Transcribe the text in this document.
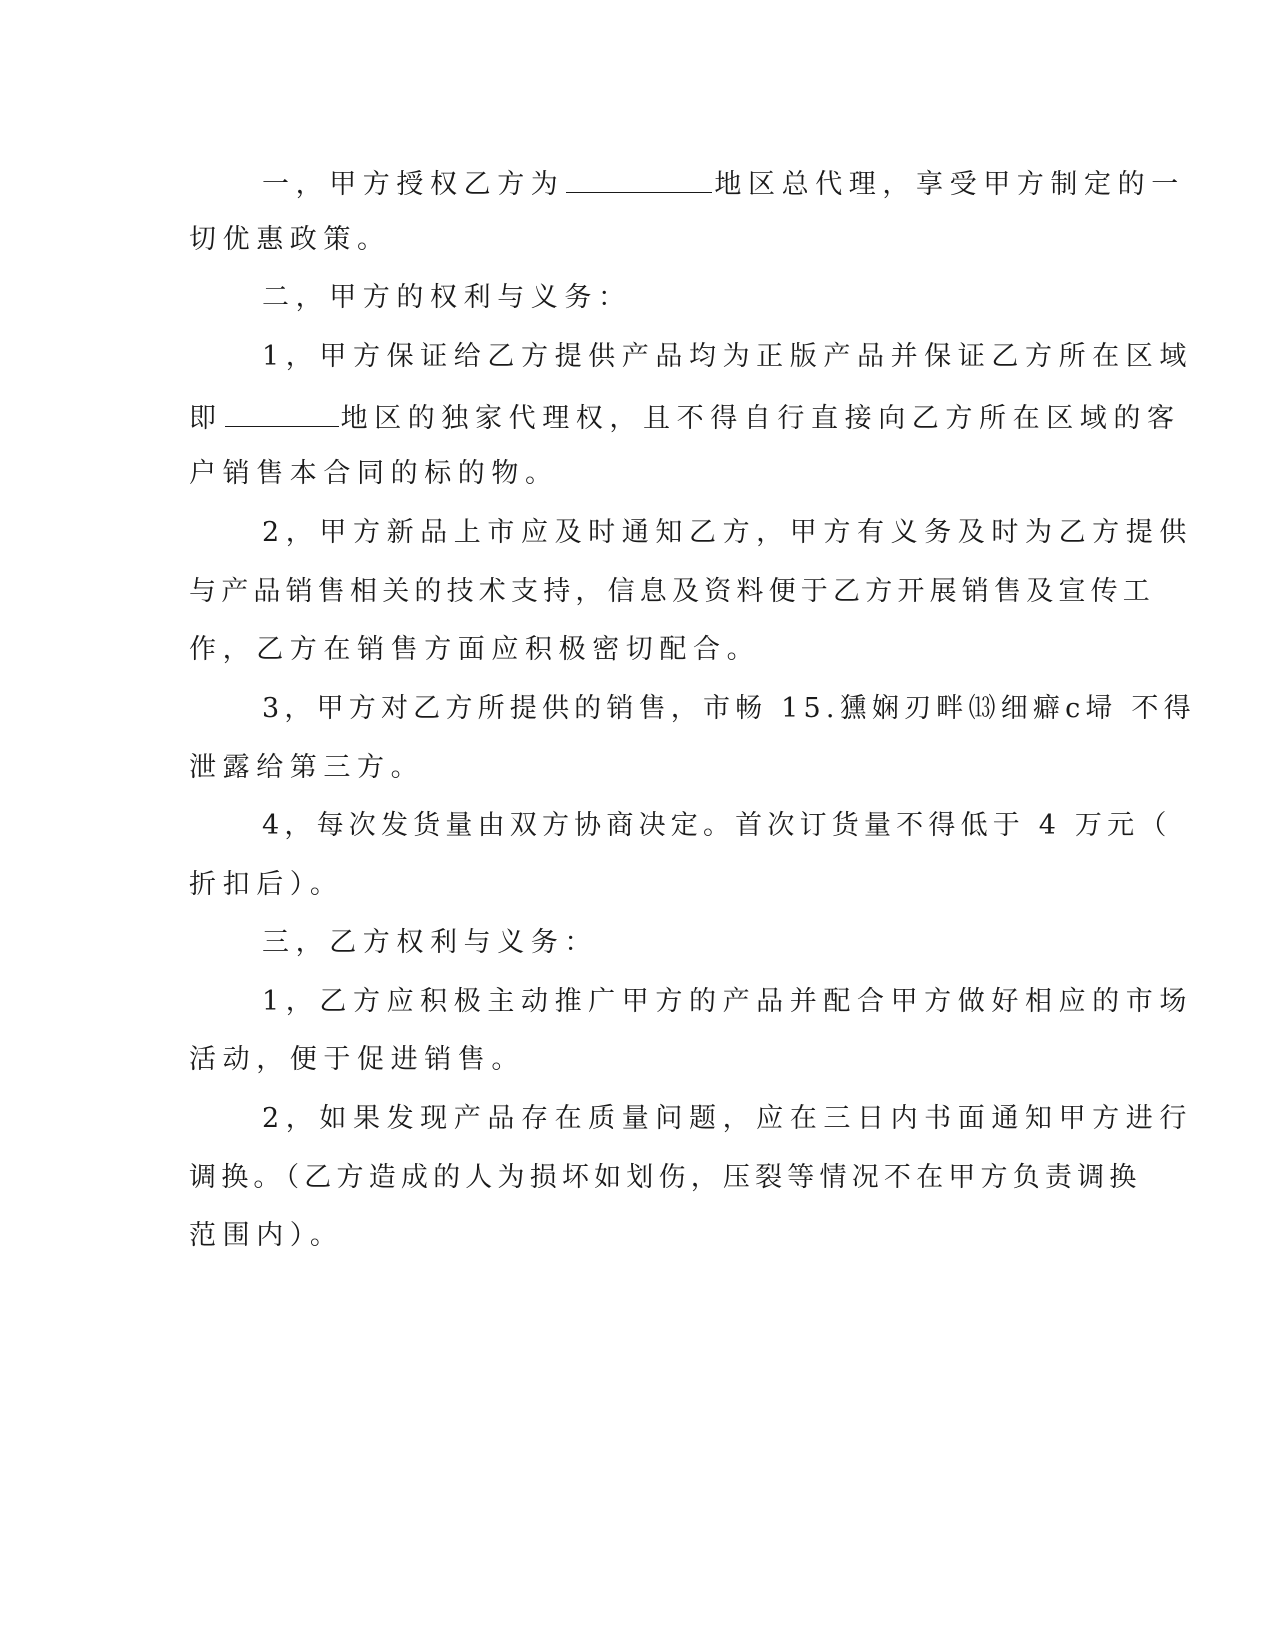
一，甲方授权乙方为	地区总代理，享受甲方制定的一
切优惠政策。
二，甲方的权利与义务：
1，甲方保证给乙方提供产品均为正版产品并保证乙方所在区域
即	地区的独家代理权，且不得自行直接向乙方所在区域的客
户销售本合同的标的物。
2，甲方新品上市应及时通知乙方，甲方有义务及时为乙方提供
与产品销售相关的技术支持，信息及资料便于乙方开展销售及宣传工
作，乙方在销售方面应积极密切配合。
3，甲方对乙方所提供的销售，市畅 15.獯娴刃畔⒀细癖c埽 不得
泄露给第三方。
4，每次发货量由双方协商决定。首次订货量不得低于 4 万元（
折扣后）。
三，乙方权利与义务：
1，乙方应积极主动推广甲方的产品并配合甲方做好相应的市场
活动，便于促进销售。
2，如果发现产品存在质量问题，应在三日内书面通知甲方进行
调换。（乙方造成的人为损坏如划伤，压裂等情况不在甲方负责调换
范围内）。
